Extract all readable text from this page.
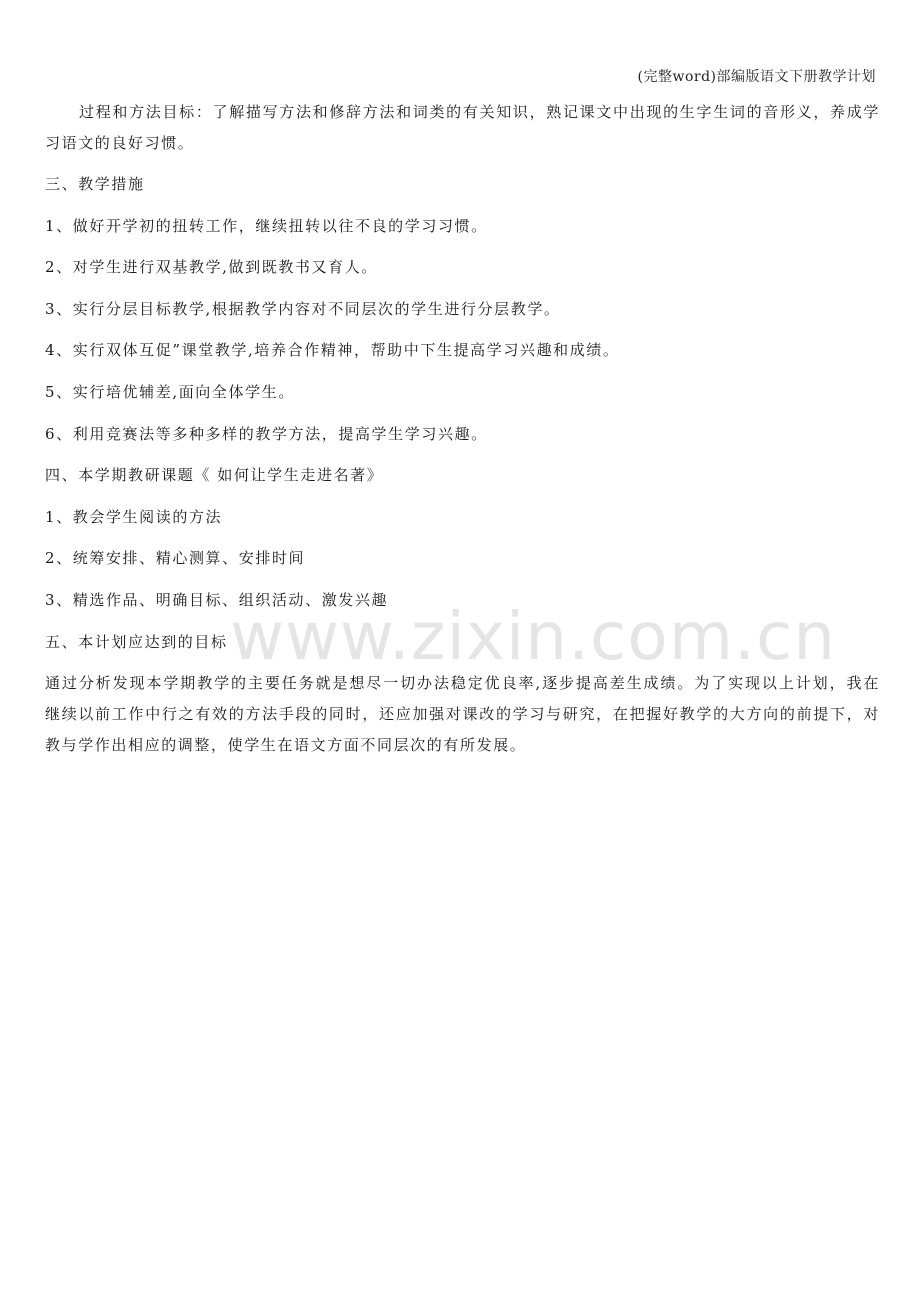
(完整word)部编版语文下册教学计划

过程和方法目标：了解描写方法和修辞方法和词类的有关知识，熟记课文中出现的生字生词的音形义，养成学习语文的良好习惯。

三、教学措施

1、做好开学初的扭转工作，继续扭转以往不良的学习习惯。

2、对学生进行双基教学,做到既教书又育人。

3、实行分层目标教学,根据教学内容对不同层次的学生进行分层教学。

4、实行双体互促”课堂教学,培养合作精神，帮助中下生提高学习兴趣和成绩。

5、实行培优辅差,面向全体学生。

6、利用竞赛法等多种多样的教学方法，提高学生学习兴趣。

四、本学期教研课题《 如何让学生走进名著》

1、教会学生阅读的方法

2、统筹安排、精心测算、安排时间

3、精选作品、明确目标、组织活动、激发兴趣

五、本计划应达到的目标

通过分析发现本学期教学的主要任务就是想尽一切办法稳定优良率,逐步提高差生成绩。为了实现以上计划，我在继续以前工作中行之有效的方法手段的同时，还应加强对课改的学习与研究，在把握好教学的大方向的前提下，对教与学作出相应的调整，使学生在语文方面不同层次的有所发展。

www.zixin.com.cn
